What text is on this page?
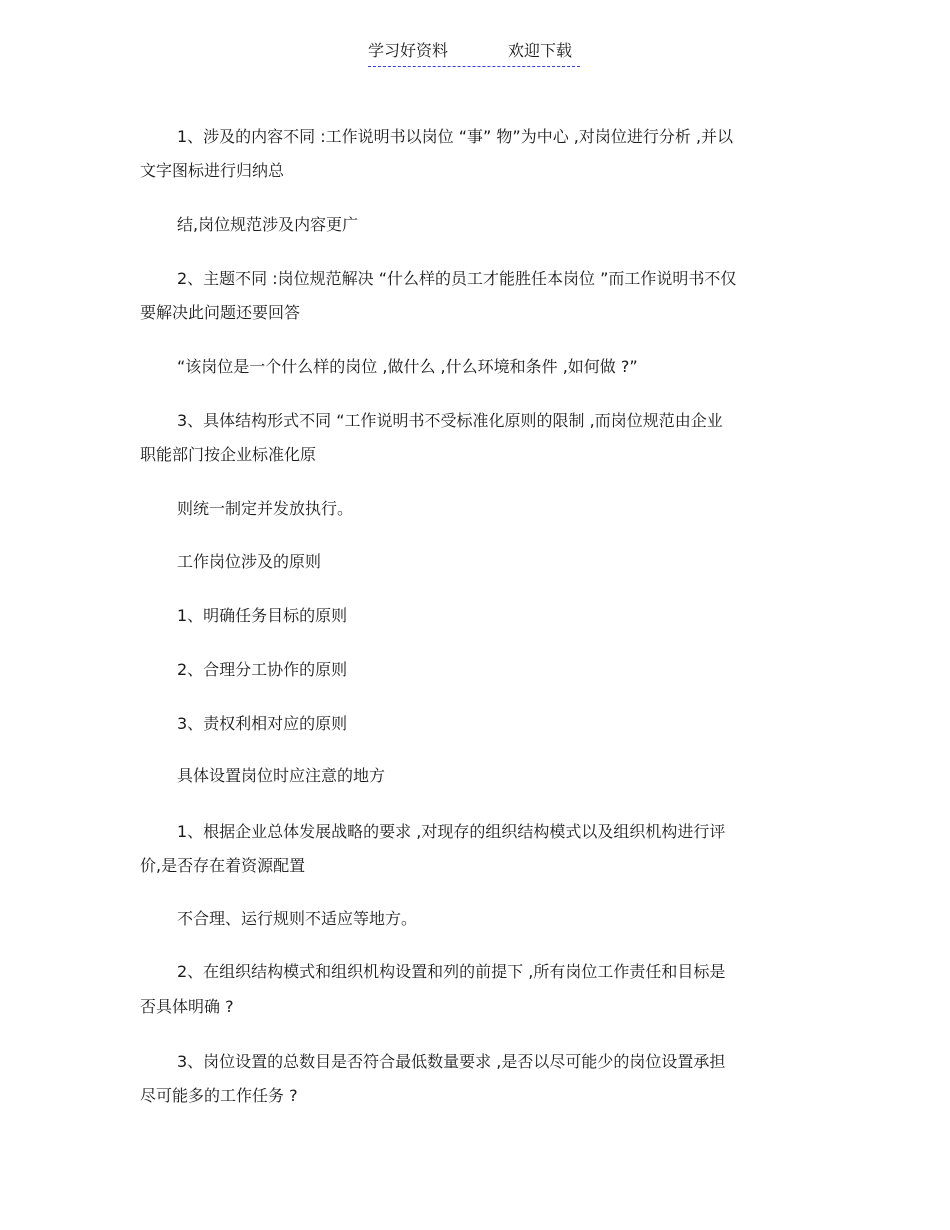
学习好资料	欢迎下载
1、涉及的内容不同 :工作说明书以岗位 “事” 物”为中心 ,对岗位进行分析 ,并以
文字图标进行归纳总
结,岗位规范涉及内容更广
2、主题不同 :岗位规范解决 “什么样的员工才能胜任本岗位 ”而工作说明书不仅
要解决此问题还要回答
“该岗位是一个什么样的岗位 ,做什么 ,什么环境和条件 ,如何做 ?”
3、具体结构形式不同 “工作说明书不受标准化原则的限制 ,而岗位规范由企业
职能部门按企业标准化原
则统一制定并发放执行。
工作岗位涉及的原则
1、明确任务目标的原则
2、合理分工协作的原则
3、责权利相对应的原则
具体设置岗位时应注意的地方
1、根据企业总体发展战略的要求 ,对现存的组织结构模式以及组织机构进行评
价,是否存在着资源配置
不合理、运行规则不适应等地方。
2、在组织结构模式和组织机构设置和列的前提下 ,所有岗位工作责任和目标是
否具体明确 ?
3、岗位设置的总数目是否符合最低数量要求 ,是否以尽可能少的岗位设置承担
尽可能多的工作任务 ?
